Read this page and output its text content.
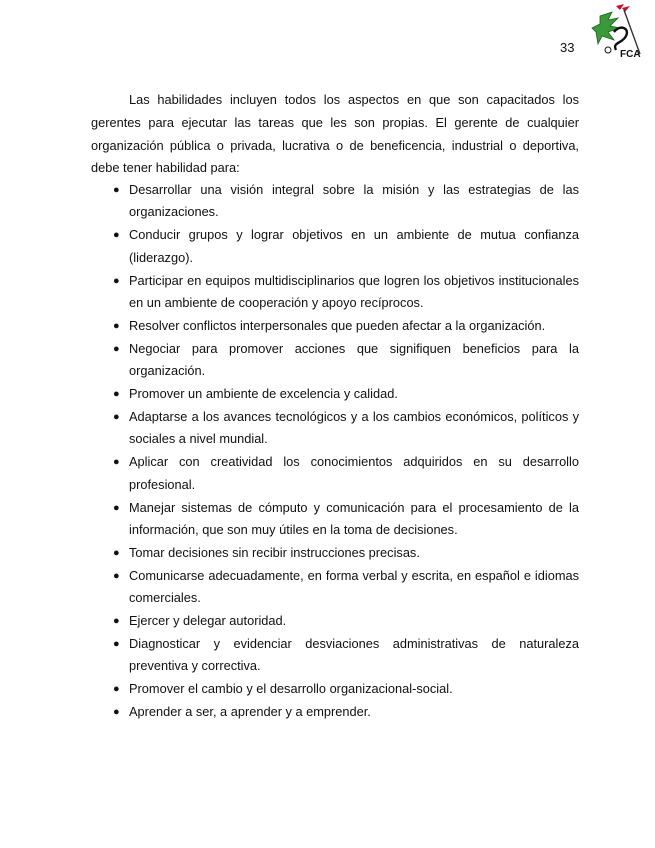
FCA
33

Las habilidades incluyen todos los aspectos en que son capacitados los gerentes para ejecutar las tareas que les son propias. El gerente de cualquier organización pública o privada, lucrativa o de beneficencia, industrial o deportiva, debe tener habilidad para:

● Desarrollar una visión integral sobre la misión y las estrategias de las organizaciones.
● Conducir grupos y lograr objetivos en un ambiente de mutua confianza (liderazgo).
● Participar en equipos multidisciplinarios que logren los objetivos institucionales en un ambiente de cooperación y apoyo recíprocos.
● Resolver conflictos interpersonales que pueden afectar a la organización.
● Negociar para promover acciones que signifiquen beneficios para la organización.
● Promover un ambiente de excelencia y calidad.
● Adaptarse a los avances tecnológicos y a los cambios económicos, políticos y sociales a nivel mundial.
● Aplicar con creatividad los conocimientos adquiridos en su desarrollo profesional.
● Manejar sistemas de cómputo y comunicación para el procesamiento de la información, que son muy útiles en la toma de decisiones.
● Tomar decisiones sin recibir instrucciones precisas.
● Comunicarse adecuadamente, en forma verbal y escrita, en español e idiomas comerciales.
● Ejercer y delegar autoridad.
● Diagnosticar y evidenciar desviaciones administrativas de naturaleza preventiva y correctiva.
● Promover el cambio y el desarrollo organizacional-social.
● Aprender a ser, a aprender y a emprender.
